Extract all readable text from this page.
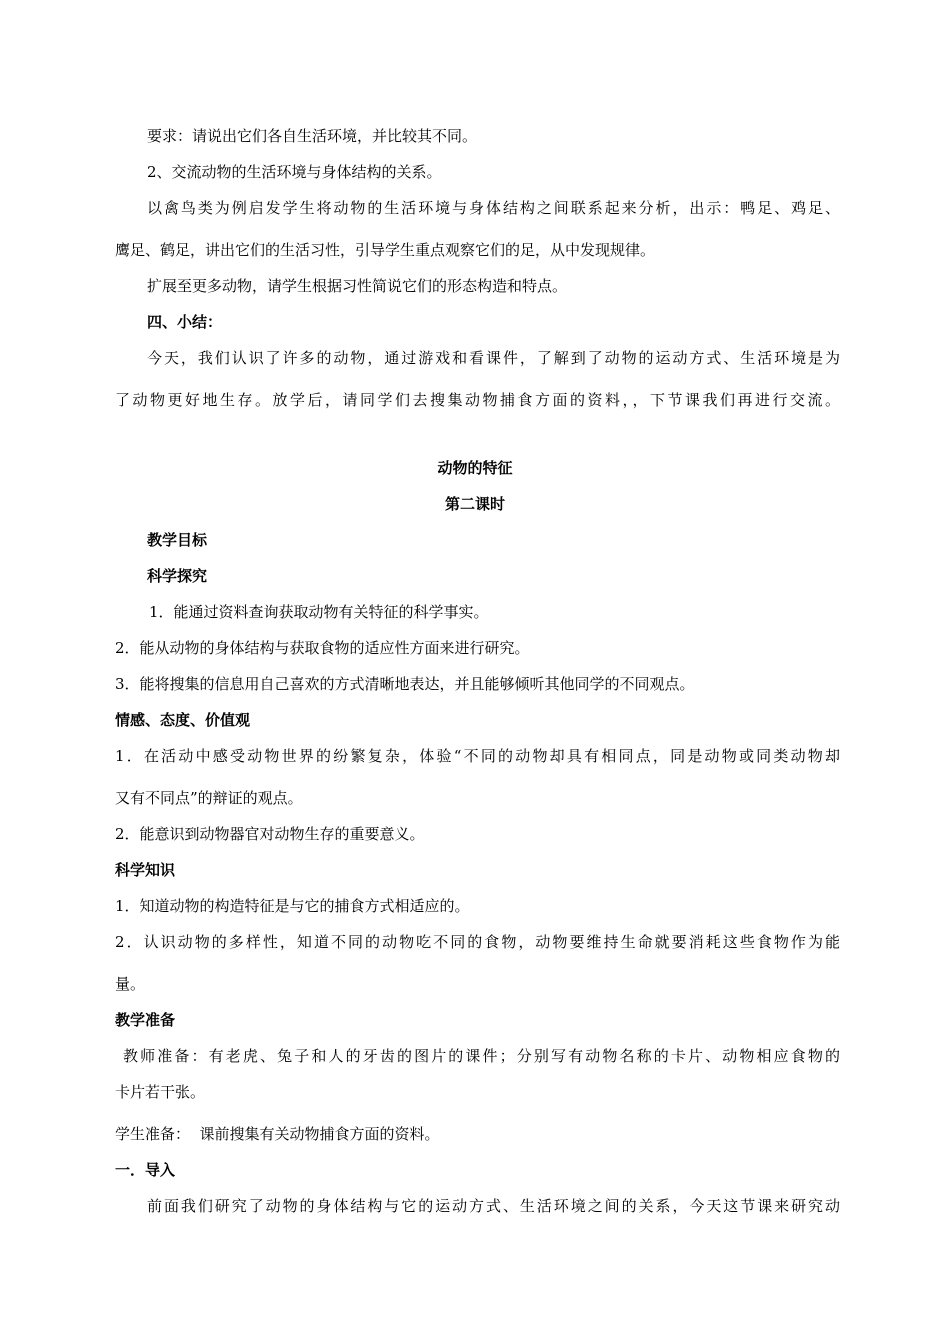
要求：请说出它们各自生活环境，并比较其不同。
2、交流动物的生活环境与身体结构的关系。
以禽鸟类为例启发学生将动物的生活环境与身体结构之间联系起来分析，出示：鸭足、鸡足、
鹰足、鹤足，讲出它们的生活习性，引导学生重点观察它们的足，从中发现规律。
扩展至更多动物，请学生根据习性简说它们的形态构造和特点。
四、小结：
今天，我们认识了许多的动物，通过游戏和看课件，了解到了动物的运动方式、生活环境是为
了动物更好地生存。放学后，请同学们去搜集动物捕食方面的资料，，下节课我们再进行交流。
动物的特征
第二课时
教学目标
科学探究
1．能通过资料查询获取动物有关特征的科学事实。
2．能从动物的身体结构与获取食物的适应性方面来进行研究。
3．能将搜集的信息用自己喜欢的方式清晰地表达，并且能够倾听其他同学的不同观点。
情感、态度、价值观
1．在活动中感受动物世界的纷繁复杂，体验“不同的动物却具有相同点，同是动物或同类动物却
又有不同点”的辩证的观点。
2．能意识到动物器官对动物生存的重要意义。
科学知识
1．知道动物的构造特征是与它的捕食方式相适应的。
2．认识动物的多样性，知道不同的动物吃不同的食物，动物要维持生命就要消耗这些食物作为能
量。
教学准备
教师准备：有老虎、兔子和人的牙齿的图片的课件；分别写有动物名称的卡片、动物相应食物的
卡片若干张。
学生准备：  课前搜集有关动物捕食方面的资料。
一．导入
前面我们研究了动物的身体结构与它的运动方式、生活环境之间的关系，今天这节课来研究动
